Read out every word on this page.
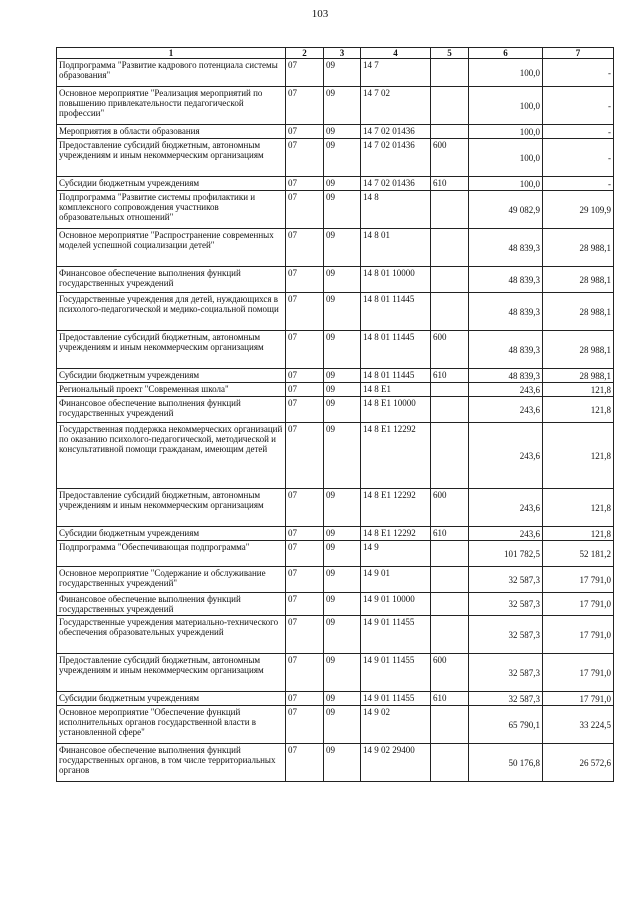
103
1	2	3	4	5	6	7
Подпрограмма "Развитие кадрового потенциала системы образования"	07	09	14 7		100,0	-
Основное мероприятие "Реализация мероприятий по повышению привлекательности педагогической профессии"	07	09	14 7 02		100,0	-
Мероприятия в области образования	07	09	14 7 02 01436		100,0	-
Предоставление субсидий бюджетным, автономным учреждениям и иным некоммерческим организациям	07	09	14 7 02 01436	600	100,0	-
Субсидии бюджетным учреждениям	07	09	14 7 02 01436	610	100,0	-
Подпрограмма "Развитие системы профилактики и комплексного сопровождения участников образовательных отношений"	07	09	14 8		49 082,9	29 109,9
Основное мероприятие "Распространение современных моделей успешной социализации детей"	07	09	14 8 01		48 839,3	28 988,1
Финансовое обеспечение выполнения функций государственных учреждений	07	09	14 8 01 10000		48 839,3	28 988,1
Государственные учреждения для детей, нуждающихся в психолого-педагогической и медико-социальной помощи	07	09	14 8 01 11445		48 839,3	28 988,1
Предоставление субсидий бюджетным, автономным учреждениям и иным некоммерческим организациям	07	09	14 8 01 11445	600	48 839,3	28 988,1
Субсидии бюджетным учреждениям	07	09	14 8 01 11445	610	48 839,3	28 988,1
Региональный проект "Современная школа"	07	09	14 8 E1		243,6	121,8
Финансовое обеспечение выполнения функций государственных учреждений	07	09	14 8 E1 10000		243,6	121,8
Государственная поддержка некоммерческих организаций по оказанию психолого-педагогической, методической и консультативной помощи гражданам, имеющим детей	07	09	14 8 E1 12292		243,6	121,8
Предоставление субсидий бюджетным, автономным учреждениям и иным некоммерческим организациям	07	09	14 8 E1 12292	600	243,6	121,8
Субсидии бюджетным учреждениям	07	09	14 8 E1 12292	610	243,6	121,8
Подпрограмма "Обеспечивающая подпрограмма"	07	09	14 9		101 782,5	52 181,2
Основное мероприятие "Содержание и обслуживание государственных учреждений"	07	09	14 9 01		32 587,3	17 791,0
Финансовое обеспечение выполнения функций государственных учреждений	07	09	14 9 01 10000		32 587,3	17 791,0
Государственные учреждения материально-технического обеспечения образовательных учреждений	07	09	14 9 01 11455		32 587,3	17 791,0
Предоставление субсидий бюджетным, автономным учреждениям и иным некоммерческим организациям	07	09	14 9 01 11455	600	32 587,3	17 791,0
Субсидии бюджетным учреждениям	07	09	14 9 01 11455	610	32 587,3	17 791,0
Основное мероприятие "Обеспечение функций исполнительных органов государственной власти в установленной сфере"	07	09	14 9 02		65 790,1	33 224,5
Финансовое обеспечение выполнения функций государственных органов, в том числе территориальных органов	07	09	14 9 02 29400		50 176,8	26 572,6
